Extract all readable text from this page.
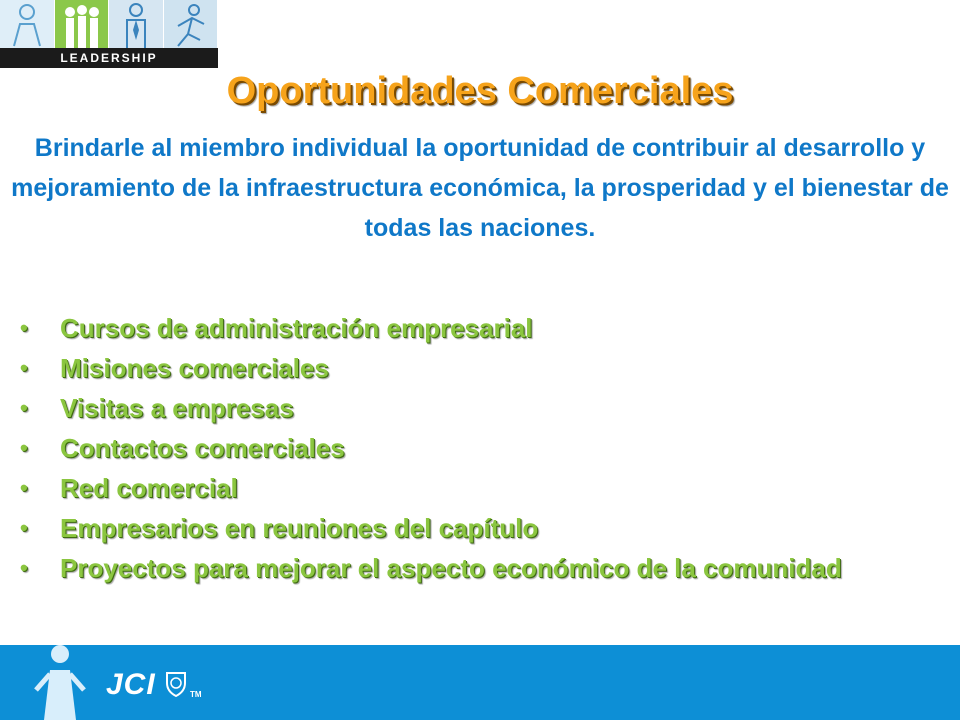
LEADERSHIP
Oportunidades Comerciales

Brindarle al miembro individual la oportunidad de contribuir al desarrollo y mejoramiento de la infraestructura económica, la prosperidad y el bienestar de todas las naciones.

• Cursos de administración empresarial
• Misiones comerciales
• Visitas a empresas
• Contactos comerciales
• Red comercial
• Empresarios en reuniones del capítulo
• Proyectos para mejorar el aspecto económico de la comunidad
JCI	TM
